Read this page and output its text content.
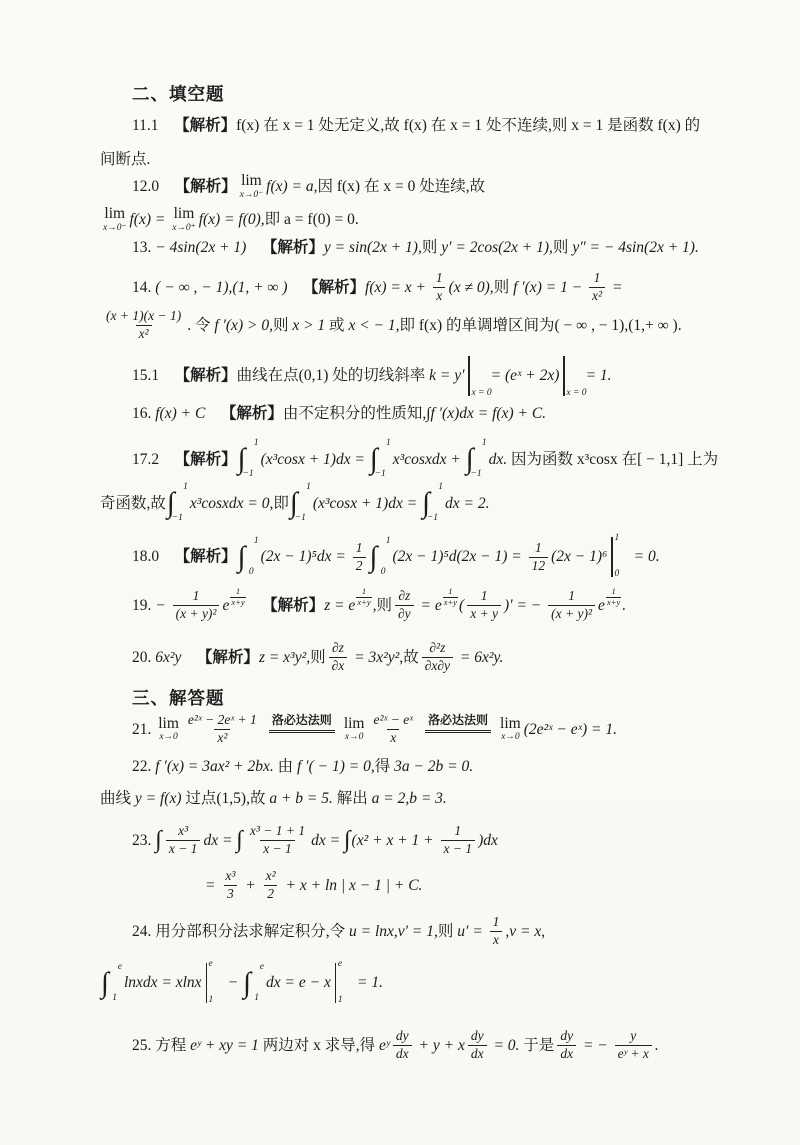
二、填空题
11.1　 【解析】 f(x) 在 x = 1 处无定义,故 f(x) 在 x = 1 处不连续,则 x = 1 是函数 f(x) 的
间断点.
12.0　 【解析】 lim
x→0⁻ f(x) = a, 因 f(x) 在 x = 0 处连续,故
lim
x→0⁻ f(x) = lim
x→0⁺ f(x) = f(0), 即 a = f(0) = 0.
13. − 4sin(2x + 1)
　 【解析】 y = sin(2x + 1), 则 y′ = 2cos(2x + 1), 则 y″ = − 4sin(2x + 1).
14. ( − ∞ , − 1),(1, + ∞ )
　 【解析】 $f(x) = x + \frac{1}{x} (x \ne 0)$, 则 f $'(x) = 1 - \frac{1}{\text{x²}}$ =
$\frac{(x + 1)(x - 1)}{\text{x²}}$ . 令 f ′(x) > 0, 则 x > 1 或 x < − 1, 即 f(x) 的单调增区间为( − ∞ , − 1),(1,+ ∞ ).
15.1　 【解析】 曲线在点(0,1) 处的切线斜率 k = y′
x = 0
= (eˣ + 2x)
x = 0
= 1.
16. f(x) + C
　 【解析】 由不定积分的性质知, ∫f ′(x)dx = f(x) + C.
17.2　 【解析】 ∫ 1
−1
(x³cosx + 1)dx = ∫ 1
−1
x³cosxdx + ∫ 1
−1
dx. 因为函数 x³cosx 在[ − 1,1] 上为
奇函数,故 ∫ 1
−1
x³cosxdx = 0, 即 ∫ 1
−1
(x³cosx + 1)dx = ∫ 1
−1
dx = 2.
18.0　 【解析】 ∫ 1
0
$(2x - 1)^5dx = \frac{1}{2}$ ∫ 1
0
$(2x - 1)^5d(2x - 1) = \frac{1}{12} (2x - 1)^6$
1
0
= 0.
19. − $\frac{1}{\text{(x + y)²}}$ e $\frac{1}{x+y}$
　 【解析】 z = e $\frac{1}{x+y}$ , 则 $\frac{\partial z}{\partial y} = e \frac{1}{x+y}$ ( $\frac{1}{x + y}$ )′ = − $\frac{1}{\text{(x + y)²}}$ e $\frac{1}{x+y}$ .
20. 6x²y
　 【解析】 z = x³y², 则 $\frac{\partial z}{\partial x} = 3x^2y^2$, 故 $\frac{\text{∂²z}}{\partial x\partial y} = 6x^2y$.
三、解答题
21. lim
$x\to 0 \frac{\text{e²ˣ − 2eˣ + 1}}{\text{x²}}$ 洛必达法则 lim
$x\to 0 \frac{\text{e²ˣ − eˣ}}{x}$ 洛必达法则 lim
x→0 (2e²ˣ − eˣ) = 1.
22. f ′(x) = 3ax² + 2bx. 由 f ′( − 1) = 0, 得 3a − 2b = 0.
曲线 y = f(x) 过点(1,5),故 a + b = 5. 解出 a = 2,b = 3.
23. ∫ $\frac{\text{x³}}{x - 1}$ dx = ∫ $\frac{\text{x³ − 1 + 1}}{x - 1}$ dx = ∫ $(x^2 + x + 1 + \frac{1}{x - 1} )dx$
= $\frac{\text{x³}}{3} + \frac{\text{x²}}{2} + x + \ln$ | x − 1 | + C.
24. 用分部积分法求解定积分,令 u = lnx,v′ = 1, 则 $u' = \frac{1}{x} ,v = x$,
∫ e
1
lnxdx = xlnx
e
1
− ∫ e
1
dx = e − x
e
1
= 1.
25. 方程 eʸ + xy = 1 两边对 x 求导,得 eʸ $\frac{dy}{dx} + y + x \frac{dy}{dx} = 0$. 于是 $\frac{dy}{dx}$ = − $\frac{y}{\text{eʸ + x}}$ .
